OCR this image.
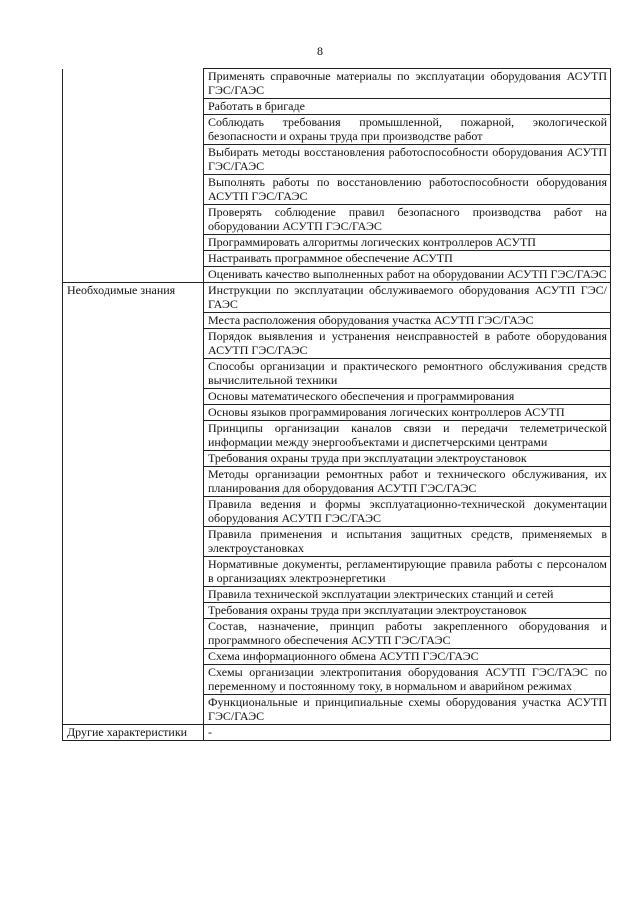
8
	Применять справочные материалы по эксплуатации оборудования АСУТП ГЭС/ГАЭС
	Работать в бригаде
	Соблюдать требования промышленной, пожарной, экологической безопасности и охраны труда при производстве работ
	Выбирать методы восстановления работоспособности оборудования АСУТП ГЭС/ГАЭС
	Выполнять работы по восстановлению работоспособности оборудования АСУТП ГЭС/ГАЭС
	Проверять соблюдение правил безопасного производства работ на оборудовании АСУТП ГЭС/ГАЭС
	Программировать алгоритмы логических контроллеров АСУТП
	Настраивать программное обеспечение АСУТП
	Оценивать качество выполненных работ на оборудовании АСУТП ГЭС/ГАЭС
Необходимые знания	Инструкции по эксплуатации обслуживаемого оборудования АСУТП ГЭС/ГАЭС
	Места расположения оборудования участка АСУТП ГЭС/ГАЭС
	Порядок выявления и устранения неисправностей в работе оборудования АСУТП ГЭС/ГАЭС
	Способы организации и практического ремонтного обслуживания средств вычислительной техники
	Основы математического обеспечения и программирования
	Основы языков программирования логических контроллеров АСУТП
	Принципы организации каналов связи и передачи телеметрической информации между энергообъектами и диспетчерскими центрами
	Требования охраны труда при эксплуатации электроустановок
	Методы организации ремонтных работ и технического обслуживания, их планирования для оборудования АСУТП ГЭС/ГАЭС
	Правила ведения и формы эксплуатационно-технической документации оборудования АСУТП ГЭС/ГАЭС
	Правила применения и испытания защитных средств, применяемых в электроустановках
	Нормативные документы, регламентирующие правила работы с персоналом в организациях электроэнергетики
	Правила технической эксплуатации электрических станций и сетей
	Требования охраны труда при эксплуатации электроустановок
	Состав, назначение, принцип работы закрепленного оборудования и программного обеспечения АСУТП ГЭС/ГАЭС
	Схема информационного обмена АСУТП ГЭС/ГАЭС
	Схемы организации электропитания оборудования АСУТП ГЭС/ГАЭС по переменному и постоянному току, в нормальном и аварийном режимах
	Функциональные и принципиальные схемы оборудования участка АСУТП ГЭС/ГАЭС
Другие характеристики	-
